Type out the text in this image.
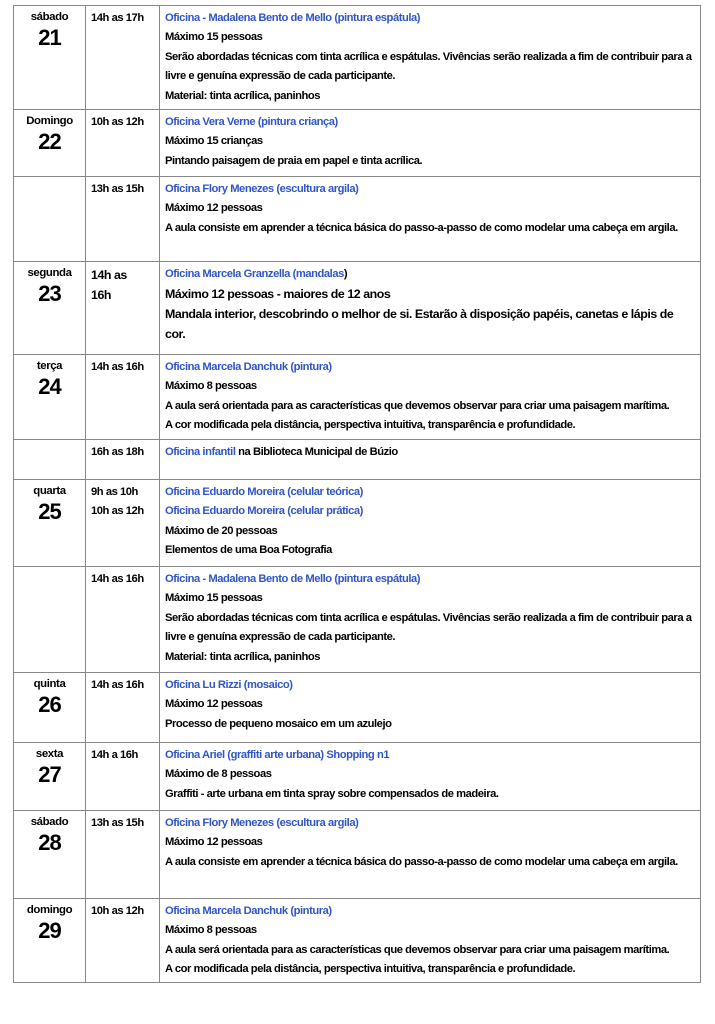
sábado
21	14h as 17h	Oficina - Madalena Bento de Mello (pintura espátula)
Máximo 15 pessoas
Serão abordadas técnicas com tinta acrílica e espátulas. Vivências serão realizada a fim de contribuir para a livre e genuína expressão de cada participante.
Material: tinta acrílica, paninhos

Domingo
22	10h as 12h	Oficina Vera Verne (pintura criança)
Máximo 15 crianças
Pintando paisagem de praia em papel e tinta acrílica.

	13h as 15h	Oficina Flory Menezes (escultura argila)
Máximo 12 pessoas
A aula consiste em aprender a técnica básica do passo-a-passo de como modelar uma cabeça em argila.

segunda
23	14h as
16h	Oficina Marcela Granzella (mandalas)
Máximo 12 pessoas - maiores de 12 anos
Mandala interior, descobrindo o melhor de si. Estarão à disposição papéis, canetas e lápis de cor.

terça
24	14h as 16h	Oficina Marcela Danchuk (pintura)
Máximo 8 pessoas
A aula será orientada para as características que devemos observar para criar uma paisagem marítima.
A cor modificada pela distância, perspectiva intuitiva, transparência e profundidade.

	16h as 18h	Oficina infantil na Biblioteca Municipal de Búzio

quarta
25	9h as 10h
10h as 12h	Oficina Eduardo Moreira (celular teórica)
Oficina Eduardo Moreira (celular prática)
Máximo de 20 pessoas
Elementos de uma Boa Fotografia

	14h as 16h	Oficina - Madalena Bento de Mello (pintura espátula)
Máximo 15 pessoas
Serão abordadas técnicas com tinta acrílica e espátulas. Vivências serão realizada a fim de contribuir para a livre e genuína expressão de cada participante.
Material: tinta acrílica, paninhos

quinta
26	14h as 16h	Oficina Lu Rizzi (mosaico)
Máximo 12 pessoas
Processo de pequeno mosaico em um azulejo

sexta
27	14h a 16h	Oficina Ariel (graffiti arte urbana) Shopping n1
Máximo de 8 pessoas
Graffiti - arte urbana em tinta spray sobre compensados de madeira.

sábado
28	13h as 15h	Oficina Flory Menezes (escultura argila)
Máximo 12 pessoas
A aula consiste em aprender a técnica básica do passo-a-passo de como modelar uma cabeça em argila.

domingo
29	10h as 12h	Oficina Marcela Danchuk (pintura)
Máximo 8 pessoas
A aula será orientada para as características que devemos observar para criar uma paisagem marítima.
A cor modificada pela distância, perspectiva intuitiva, transparência e profundidade.
